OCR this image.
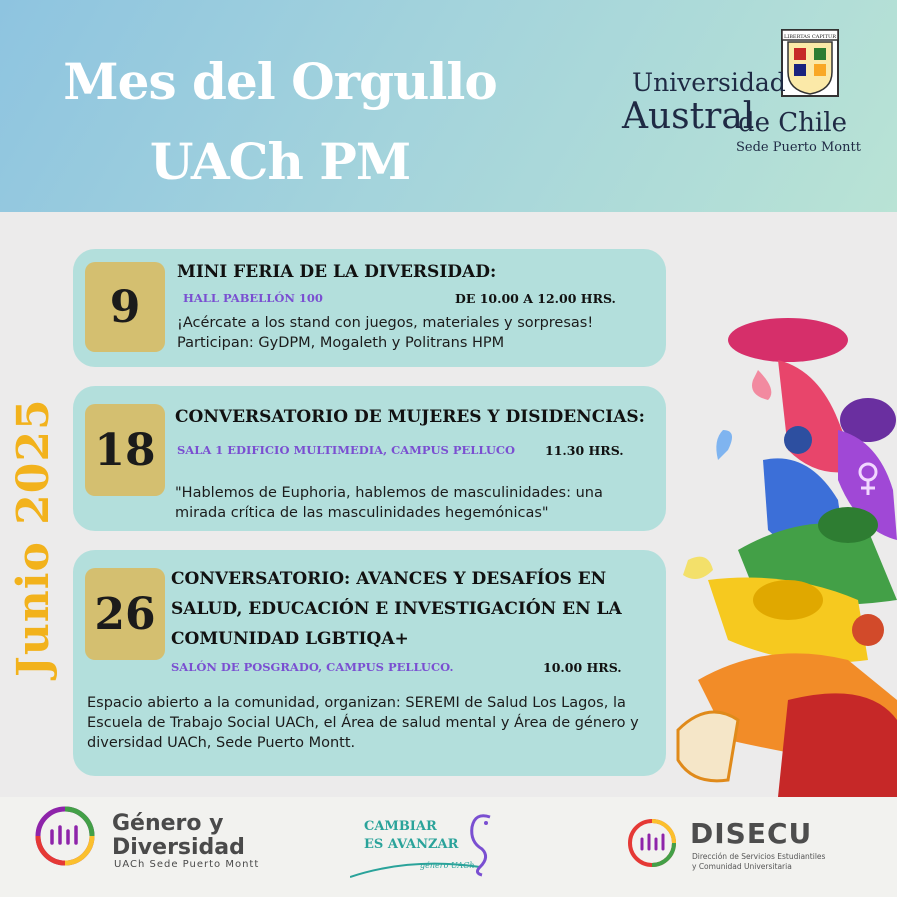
Mes del Orgullo
UACh PM
LIBERTAS CAPITUR
Universidad
Austral
de Chile
Sede Puerto Montt
Junio 2025
9
MINI FERIA DE LA DIVERSIDAD:
HALL PABELLÓN 100	DE 10.00 A 12.00 HRS.
¡Acércate a los stand con juegos, materiales y sorpresas! Participan: GyDPM, Mogaleth y Politrans HPM
18
CONVERSATORIO DE MUJERES Y DISIDENCIAS:
SALA 1 EDIFICIO MULTIMEDIA, CAMPUS PELLUCO 11.30 HRS.
"Hablemos de Euphoria, hablemos de masculinidades: una mirada crítica de las masculinidades hegemónicas"
26
CONVERSATORIO: AVANCES Y DESAFÍOS EN SALUD, EDUCACIÓN E INVESTIGACIÓN EN LA COMUNIDAD LGBTIQA+
SALÓN DE POSGRADO, CAMPUS PELLUCO.	10.00 HRS.
Espacio abierto a la comunidad, organizan: SEREMI de Salud Los Lagos, la Escuela de Trabajo Social UACh, el Área de salud mental y Área de género y diversidad UACh, Sede Puerto Montt.
Género y
Diversidad
UACh Sede Puerto Montt
CAMBIAR
ES AVANZAR
género UACh
DISECU
Dirección de Servicios Estudiantiles
y Comunidad Universitaria
